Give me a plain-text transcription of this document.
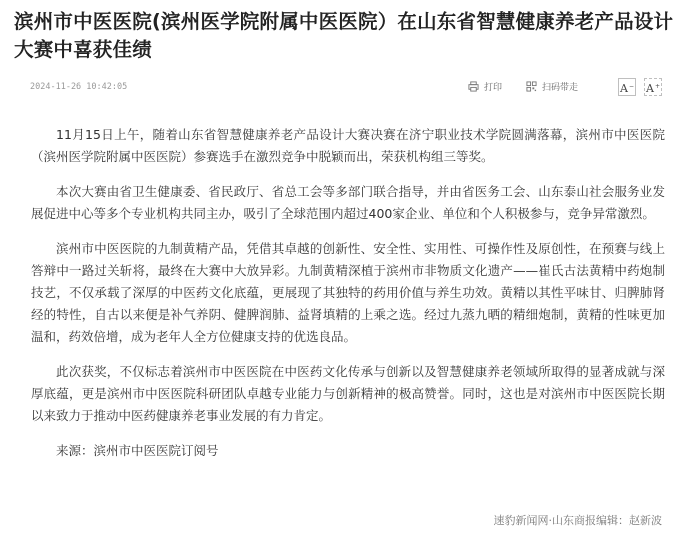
滨州市中医医院(滨州医学院附属中医医院）在山东省智慧健康养老产品设计大赛中喜获佳绩
2024-11-26 10:42:05	打印	扫码带走	A− A+

11月15日上午，随着山东省智慧健康养老产品设计大赛决赛在济宁职业技术学院圆满落幕，滨州市中医医院（滨州医学院附属中医医院）参赛选手在激烈竞争中脱颖而出，荣获机构组三等奖。

本次大赛由省卫生健康委、省民政厅、省总工会等多部门联合指导，并由省医务工会、山东泰山社会服务业发展促进中心等多个专业机构共同主办，吸引了全球范围内超过400家企业、单位和个人积极参与，竞争异常激烈。

滨州市中医医院的九制黄精产品，凭借其卓越的创新性、安全性、实用性、可操作性及原创性，在预赛与线上答辩中一路过关斩将，最终在大赛中大放异彩。九制黄精深植于滨州市非物质文化遗产——崔氏古法黄精中药炮制技艺，不仅承载了深厚的中医药文化底蕴，更展现了其独特的药用价值与养生功效。黄精以其性平味甘、归脾肺肾经的特性，自古以来便是补气养阴、健脾润肺、益肾填精的上乘之选。经过九蒸九晒的精细炮制，黄精的性味更加温和，药效倍增，成为老年人全方位健康支持的优选良品。

此次获奖，不仅标志着滨州市中医医院在中医药文化传承与创新以及智慧健康养老领域所取得的显著成就与深厚底蕴，更是滨州市中医医院科研团队卓越专业能力与创新精神的极高赞誉。同时，这也是对滨州市中医医院长期以来致力于推动中医药健康养老事业发展的有力肯定。

来源：滨州市中医医院订阅号

速豹新闻网·山东商报编辑：赵新波
